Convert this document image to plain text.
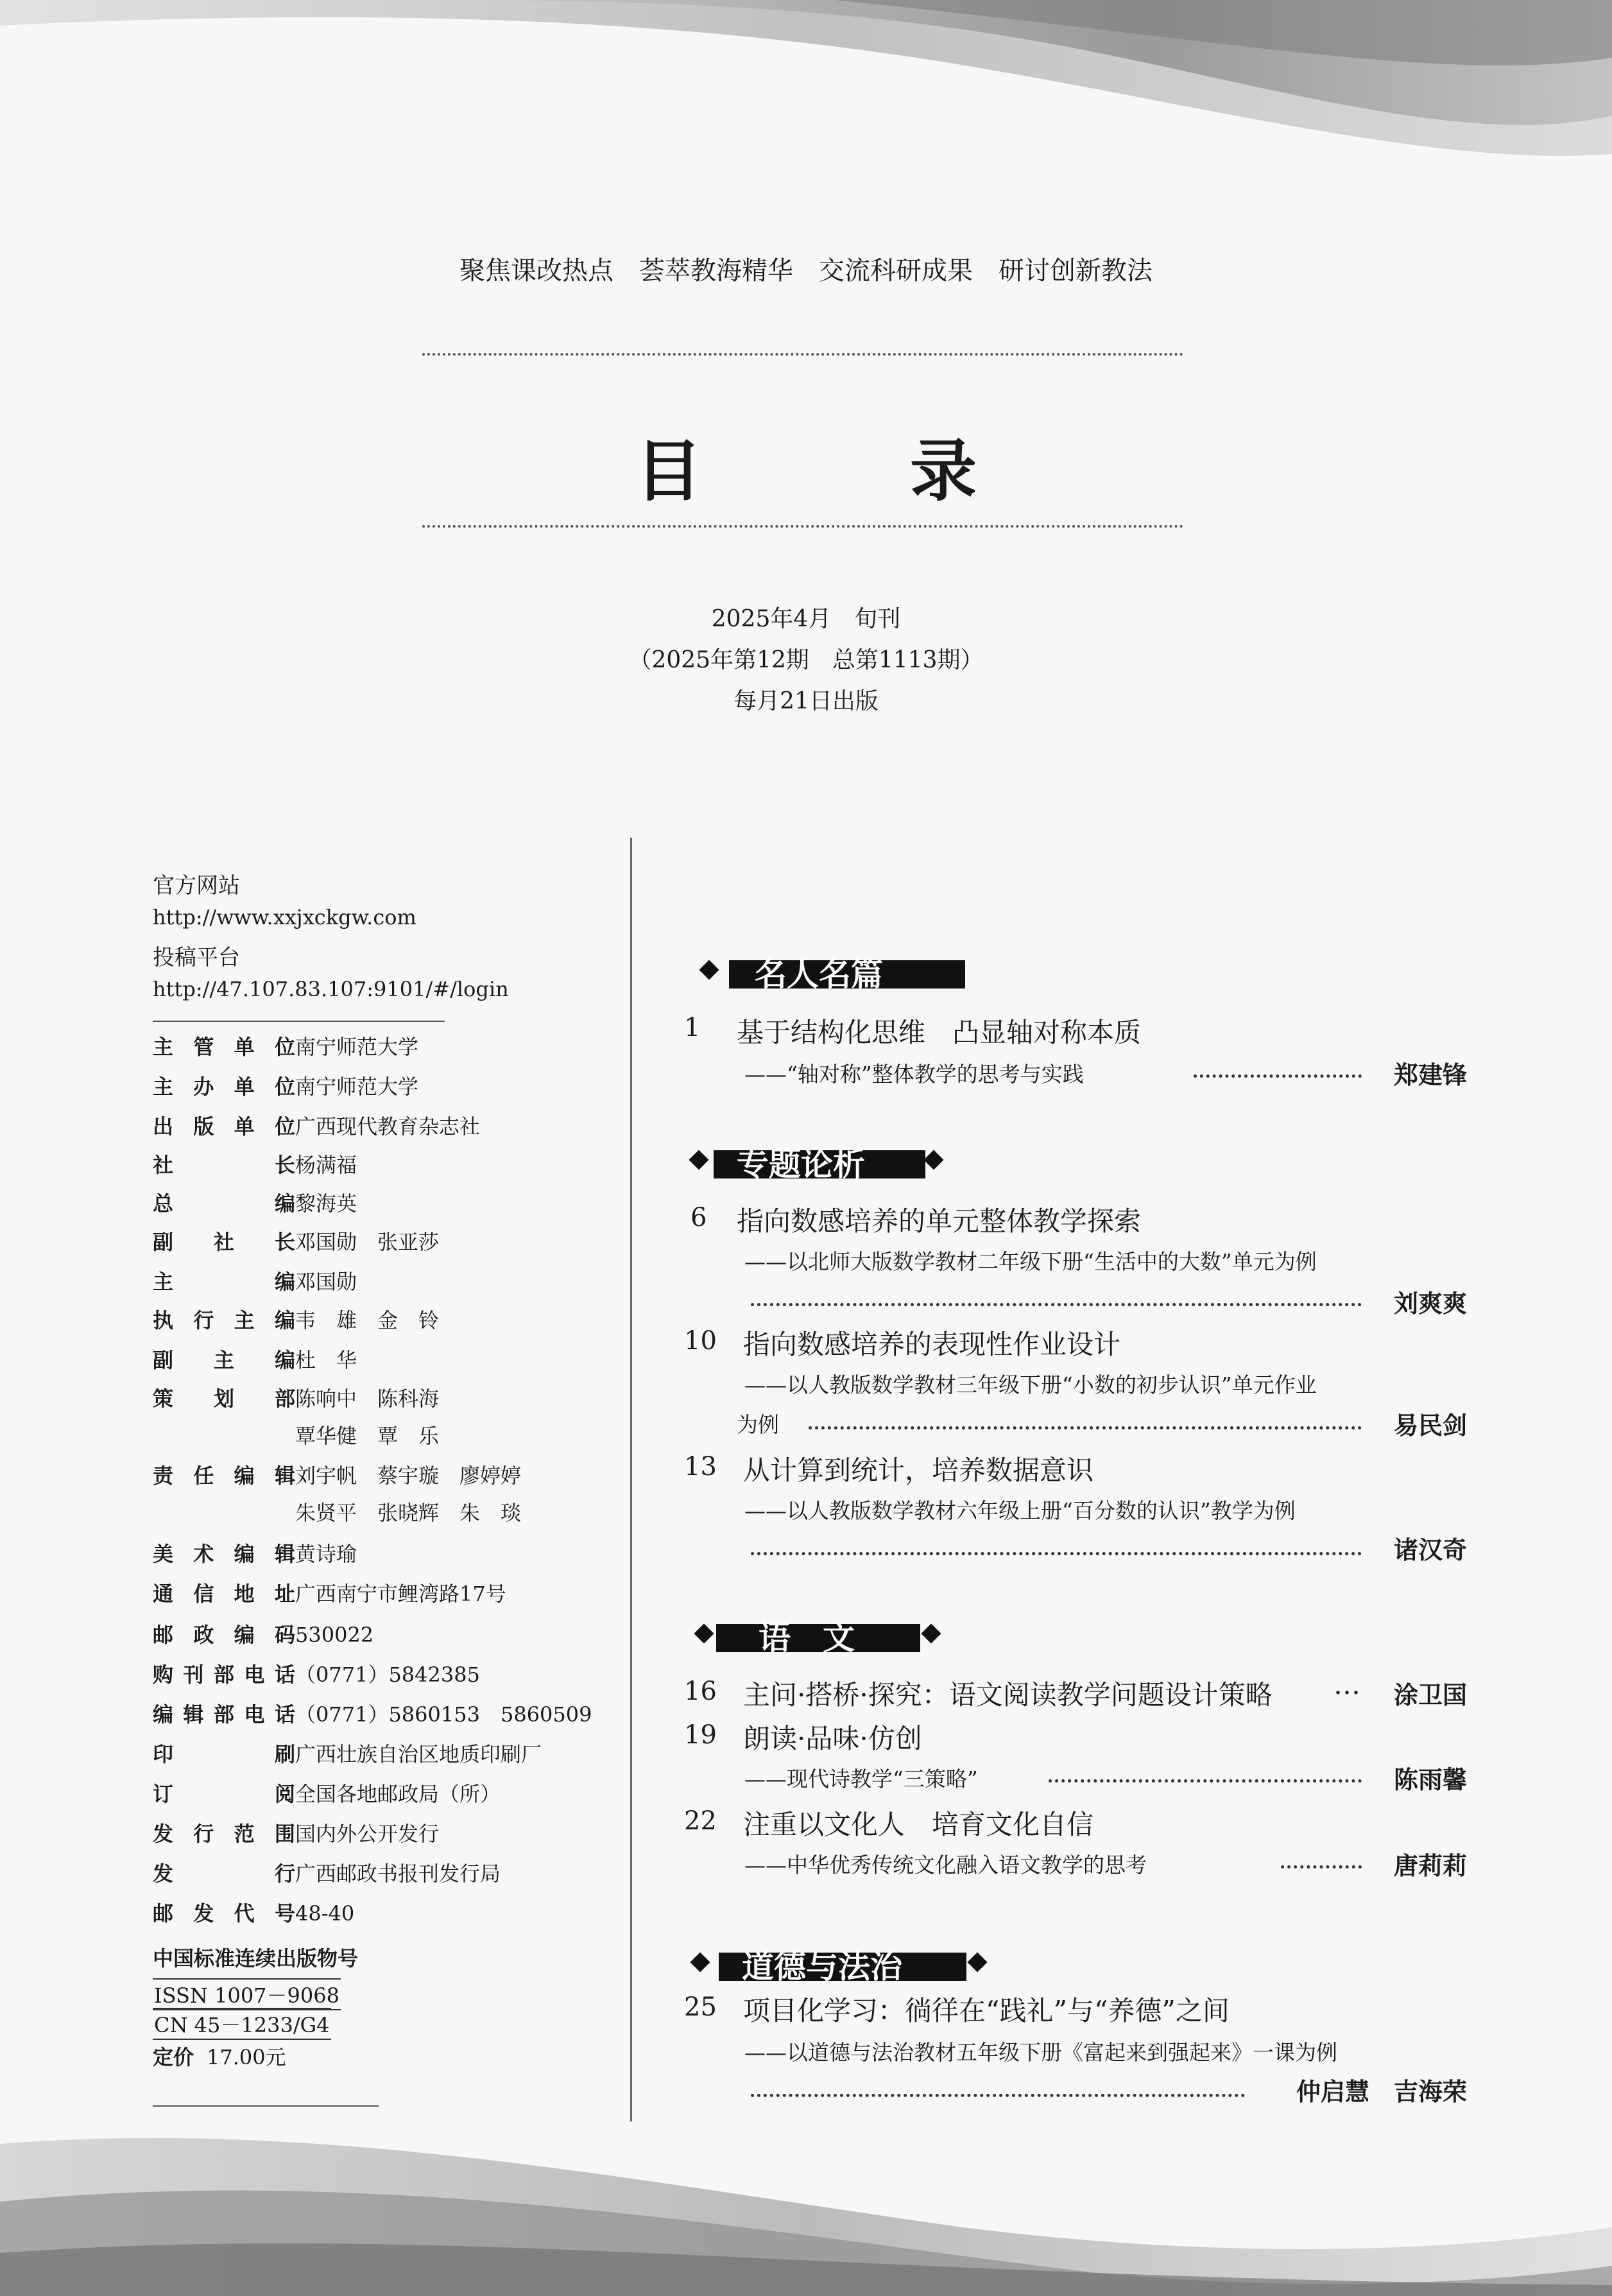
聚焦课改热点　荟萃教海精华　交流科研成果　研讨创新教法
目　录
2025年4月　旬刊
（2025年第12期　总第1113期）
每月21日出版
官方网站
http://www.xxjxckgw.com
投稿平台
http://47.107.83.107:9101/#/login
主管单位南宁师范大学
主办单位南宁师范大学
出版单位广西现代教育杂志社
社长杨满福
总编黎海英
副社长邓国勋　张亚莎
主编邓国勋
执行主编韦　雄　金　铃
副主编杜　华
策划部陈响中　陈科海
覃华健　覃　乐
责任编辑刘宇帆　蔡宇璇　廖婷婷
朱贤平　张晓辉　朱　琰
美术编辑黄诗瑜
通信地址广西南宁市鲤湾路17号
邮政编码530022
购刊部电话（0771）5842385
编辑部电话（0771）5860153　5860509
印刷广西壮族自治区地质印刷厂
订阅全国各地邮政局（所）
发行范围国内外公开发行
发行广西邮政书报刊发行局
邮发代号48-40
中国标准连续出版物号
ISSN 1007－9068
CN 45－1233/G4
定价 17.00元
名人名篇
专题论析
语　文
道德与法治
1 基于结构化思维　凸显轴对称本质
——“轴对称”整体教学的思考与实践	郑建锋
6 指向数感培养的单元整体教学探索
——以北师大版数学教材二年级下册“生活中的大数”单元为例
刘爽爽
10 指向数感培养的表现性作业设计
——以人教版数学教材三年级下册“小数的初步认识”单元作业
为例	易民剑
13 从计算到统计，培养数据意识
——以人教版数学教材六年级上册“百分数的认识”教学为例
诸汉奇
16 主问·搭桥·探究：语文阅读教学问题设计策略 … 涂卫国
19 朗读·品味·仿创
——现代诗教学“三策略”	陈雨馨
22 注重以文化人　培育文化自信
——中华优秀传统文化融入语文教学的思考	唐莉莉
25 项目化学习：徜徉在“践礼”与“养德”之间
——以道德与法治教材五年级下册《富起来到强起来》一课为例
仲启慧　吉海荣
